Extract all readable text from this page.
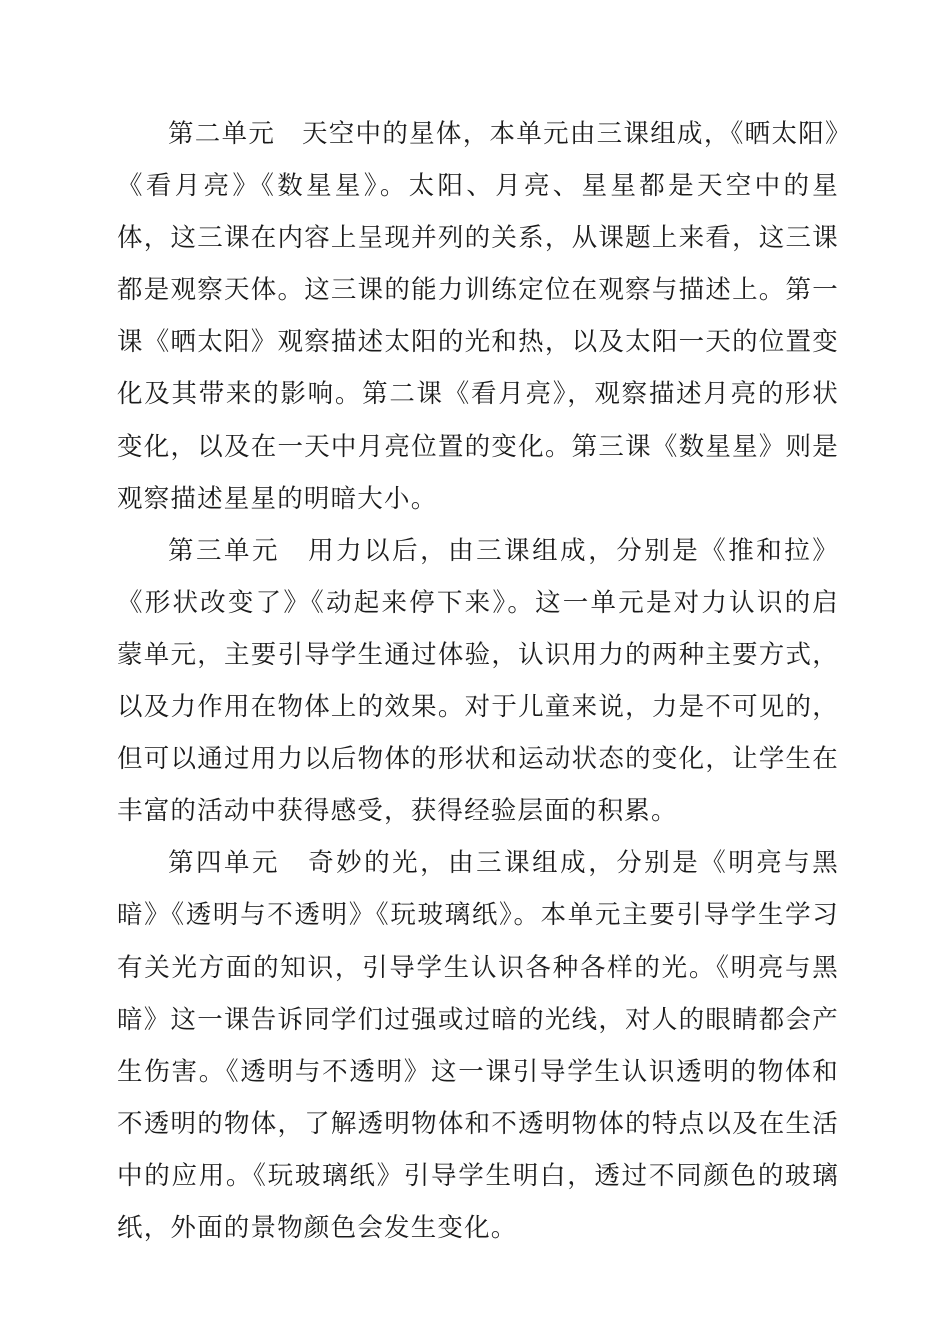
第二单元　天空中的星体，本单元由三课组成，《晒太阳》《看月亮》《数星星》。太阳、月亮、星星都是天空中的星体，这三课在内容上呈现并列的关系，从课题上来看，这三课都是观察天体。这三课的能力训练定位在观察与描述上。第一课《晒太阳》观察描述太阳的光和热，以及太阳一天的位置变化及其带来的影响。第二课《看月亮》，观察描述月亮的形状变化，以及在一天中月亮位置的变化。第三课《数星星》则是观察描述星星的明暗大小。

第三单元　用力以后，由三课组成，分别是《推和拉》《形状改变了》《动起来停下来》。这一单元是对力认识的启蒙单元，主要引导学生通过体验，认识用力的两种主要方式，以及力作用在物体上的效果。对于儿童来说，力是不可见的，但可以通过用力以后物体的形状和运动状态的变化，让学生在丰富的活动中获得感受，获得经验层面的积累。

第四单元　奇妙的光，由三课组成，分别是《明亮与黑暗》《透明与不透明》《玩玻璃纸》。本单元主要引导学生学习有关光方面的知识，引导学生认识各种各样的光。《明亮与黑暗》这一课告诉同学们过强或过暗的光线，对人的眼睛都会产生伤害。《透明与不透明》这一课引导学生认识透明的物体和不透明的物体，了解透明物体和不透明物体的特点以及在生活中的应用。《玩玻璃纸》引导学生明白，透过不同颜色的玻璃纸，外面的景物颜色会发生变化。
